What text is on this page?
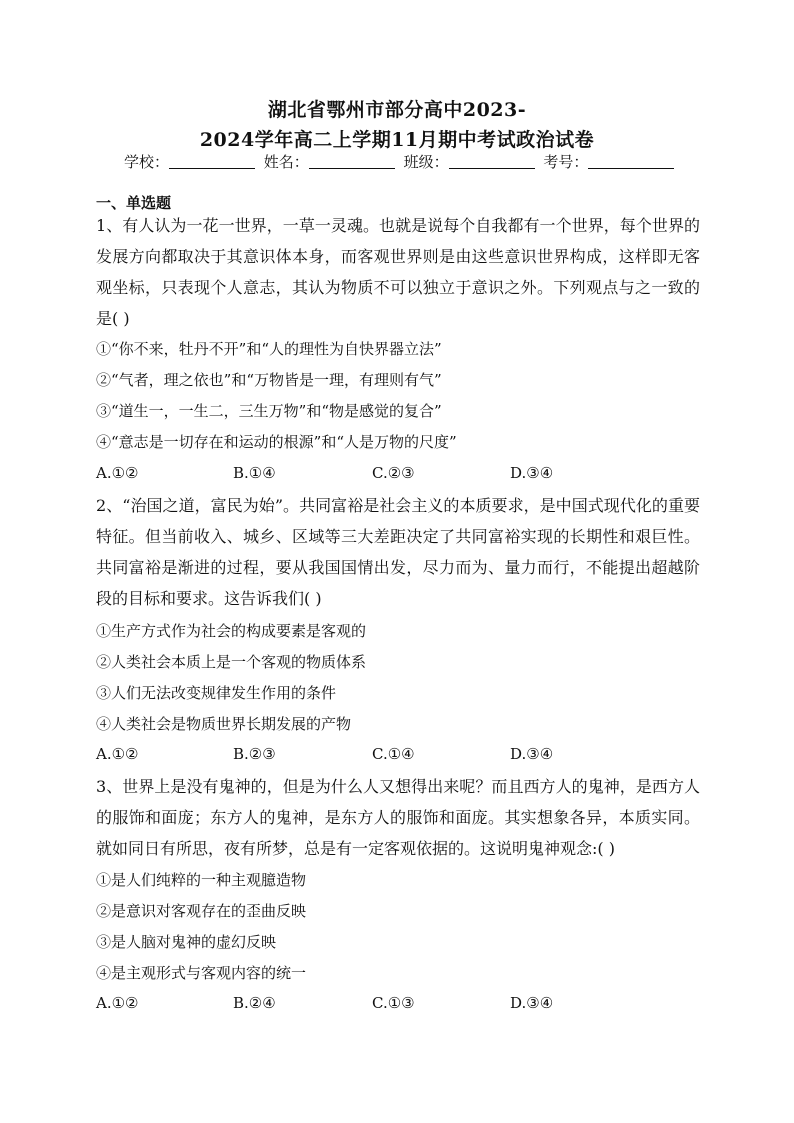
湖北省鄂州市部分高中2023-
2024学年高二上学期11月期中考试政治试卷
学校：	姓名：	班级：	考号：
一、单选题
1、有人认为一花一世界，一草一灵魂。也就是说每个自我都有一个世界，每个世界的发展方向都取决于其意识体本身，而客观世界则是由这些意识世界构成，这样即无客观坐标，只表现个人意志，其认为物质不可以独立于意识之外。下列观点与之一致的是( )
①“你不来，牡丹不开”和“人的理性为自快界器立法”
②“气者，理之依也”和“万物皆是一理，有理则有气”
③“道生一，一生二，三生万物”和“物是感觉的复合”
④“意志是一切存在和运动的根源”和“人是万物的尺度”
A.①②	B.①④	C.②③	D.③④
2、“治国之道，富民为始”。共同富裕是社会主义的本质要求，是中国式现代化的重要特征。但当前收入、城乡、区域等三大差距决定了共同富裕实现的长期性和艰巨性。共同富裕是渐进的过程，要从我国国情出发，尽力而为、量力而行，不能提出超越阶段的目标和要求。这告诉我们( )
①生产方式作为社会的构成要素是客观的
②人类社会本质上是一个客观的物质体系
③人们无法改变规律发生作用的条件
④人类社会是物质世界长期发展的产物
A.①②	B.②③	C.①④	D.③④
3、世界上是没有鬼神的，但是为什么人又想得出来呢？而且西方人的鬼神，是西方人的服饰和面庞；东方人的鬼神，是东方人的服饰和面庞。其实想象各异，本质实同。就如同日有所思，夜有所梦，总是有一定客观依据的。这说明鬼神观念:( )
①是人们纯粹的一种主观臆造物
②是意识对客观存在的歪曲反映
③是人脑对鬼神的虚幻反映
④是主观形式与客观内容的统一
A.①②	B.②④	C.①③	D.③④
